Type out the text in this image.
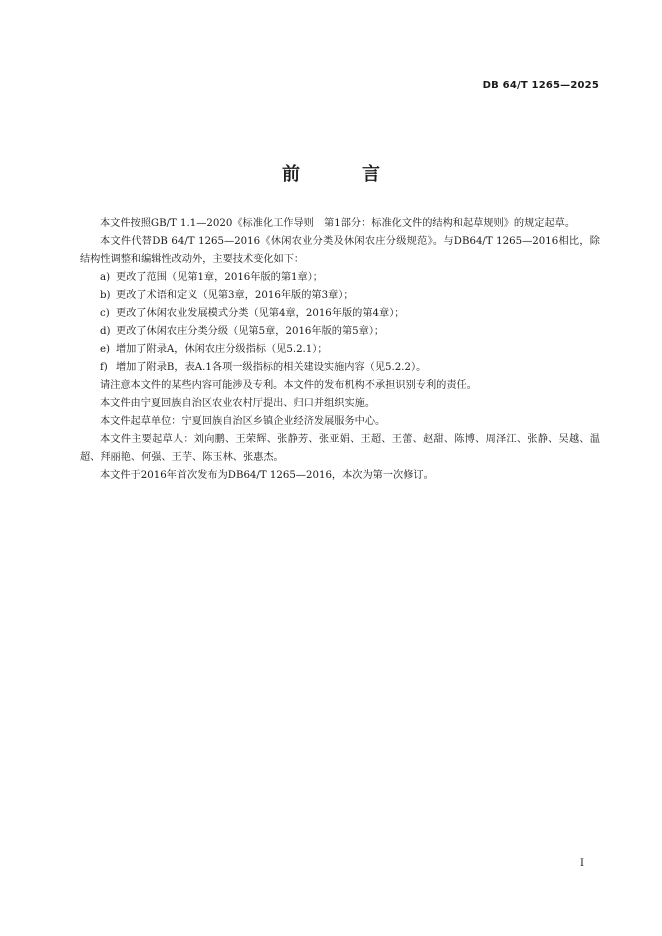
DB 64/T 1265—2025
前　言

本文件按照GB/T 1.1—2020《标准化工作导则　第1部分：标准化文件的结构和起草规则》的规定起草。

本文件代替DB 64/T 1265—2016《休闲农业分类及休闲农庄分级规范》。与DB64/T 1265—2016相比，除结构性调整和编辑性改动外，主要技术变化如下：

a) 更改了范围（见第1章，2016年版的第1章）；

b) 更改了术语和定义（见第3章，2016年版的第3章）；

c) 更改了休闲农业发展模式分类（见第4章，2016年版的第4章）；

d) 更改了休闲农庄分类分级（见第5章，2016年版的第5章）；

e) 增加了附录A，休闲农庄分级指标（见5.2.1）；

f) 增加了附录B，表A.1各项一级指标的相关建设实施内容（见5.2.2）。

请注意本文件的某些内容可能涉及专利。本文件的发布机构不承担识别专利的责任。

本文件由宁夏回族自治区农业农村厅提出、归口并组织实施。

本文件起草单位：宁夏回族自治区乡镇企业经济发展服务中心。

本文件主要起草人：刘向鹏、王荣辉、张静芳、张亚娟、王超、王蕾、赵甜、陈博、周泽江、张静、吴越、温超、拜丽艳、何强、王芋、陈玉林、张惠杰。

本文件于2016年首次发布为DB64/T 1265—2016，本次为第一次修订。

I
